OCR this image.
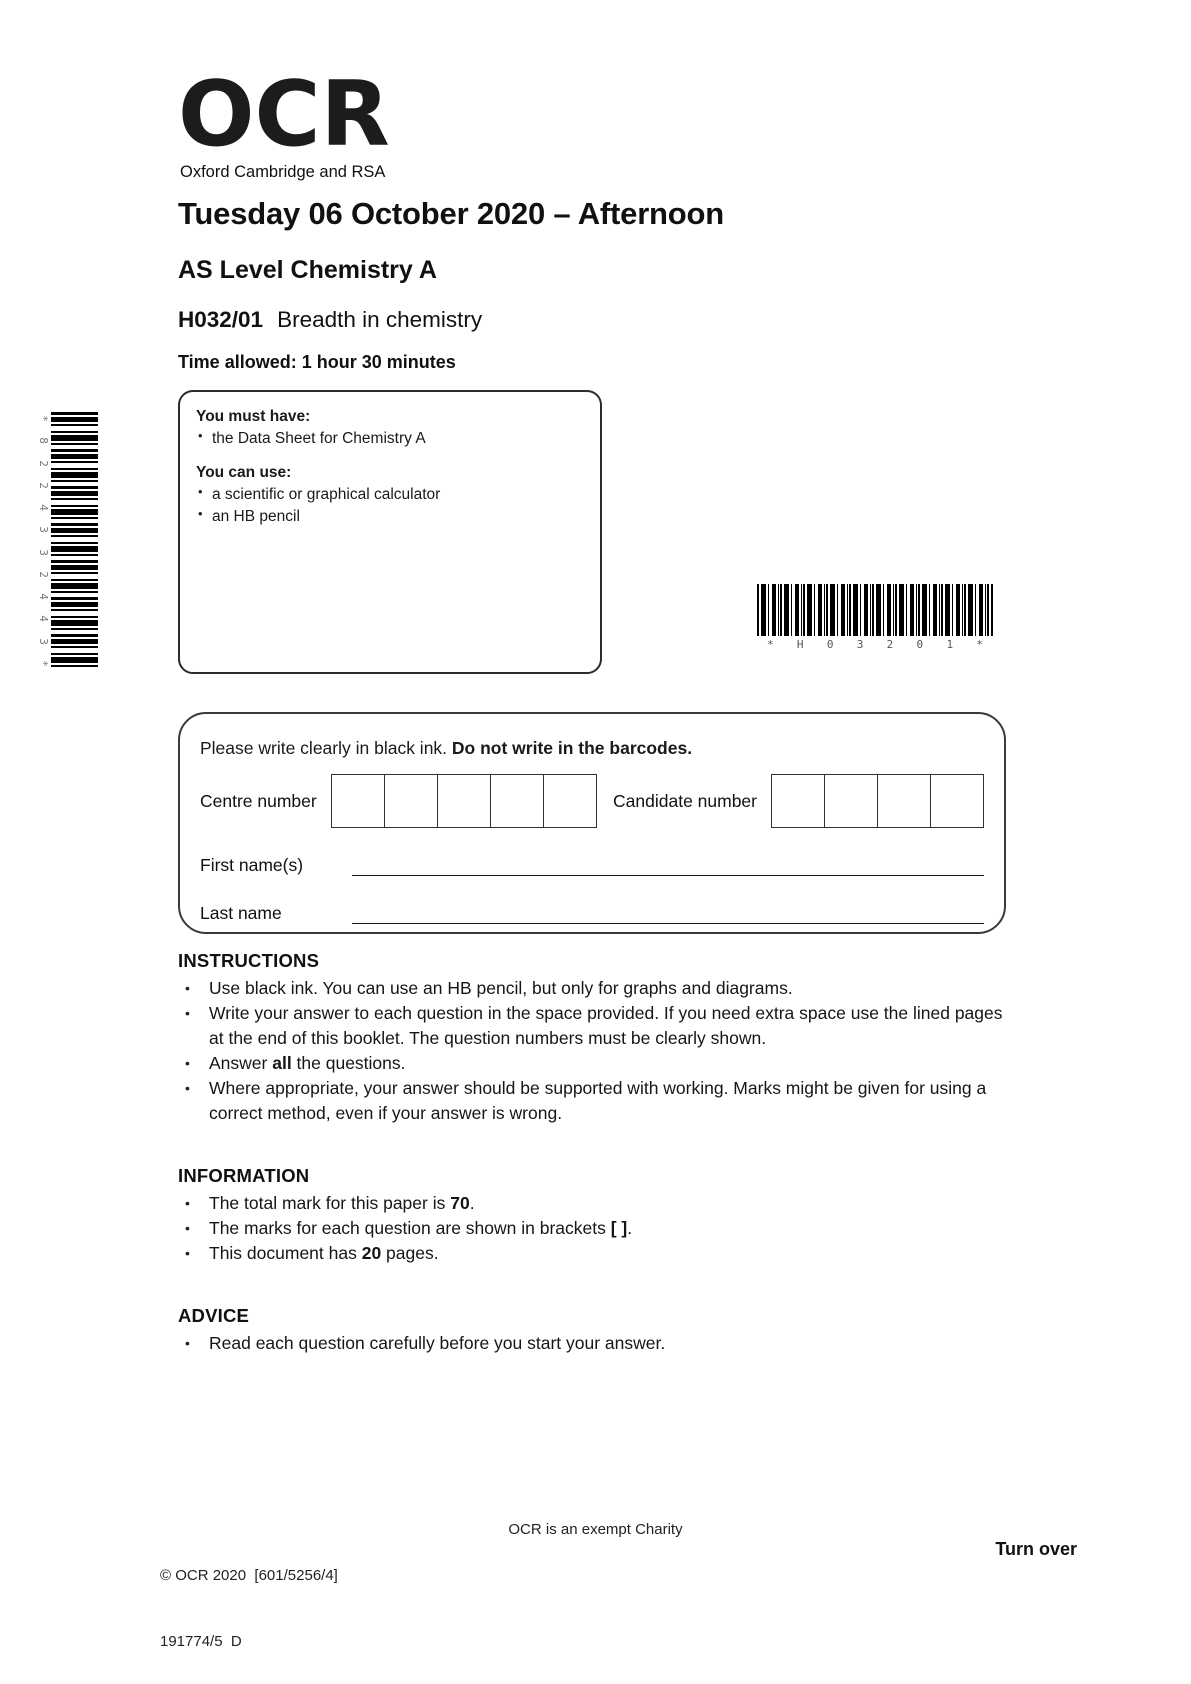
OCR
Oxford Cambridge and RSA
Tuesday 06 October 2020 – Afternoon
AS Level Chemistry A
H032/01 Breadth in chemistry
Time allowed: 1 hour 30 minutes
You must have:
• the Data Sheet for Chemistry A
You can use:
• a scientific or graphical calculator
• an HB pencil
*
8
2
2
4
3
3
2
4
4
3
*
* H 0 3 2 0 1 *
Please write clearly in black ink. Do not write in the barcodes.
Centre number	Candidate number
First name(s)
Last name
INSTRUCTIONS
• Use black ink. You can use an HB pencil, but only for graphs and diagrams.
• Write your answer to each question in the space provided. If you need extra space use the lined pages at the end of this booklet. The question numbers must be clearly shown.
• Answer all the questions.
• Where appropriate, your answer should be supported with working. Marks might be given for using a correct method, even if your answer is wrong.
INFORMATION
• The total mark for this paper is 70.
• The marks for each question are shown in brackets [ ].
• This document has 20 pages.
ADVICE
• Read each question carefully before you start your answer.

© OCR 2020  [601/5256/4]

191774/5  D

OCR is an exempt Charity
Turn over
